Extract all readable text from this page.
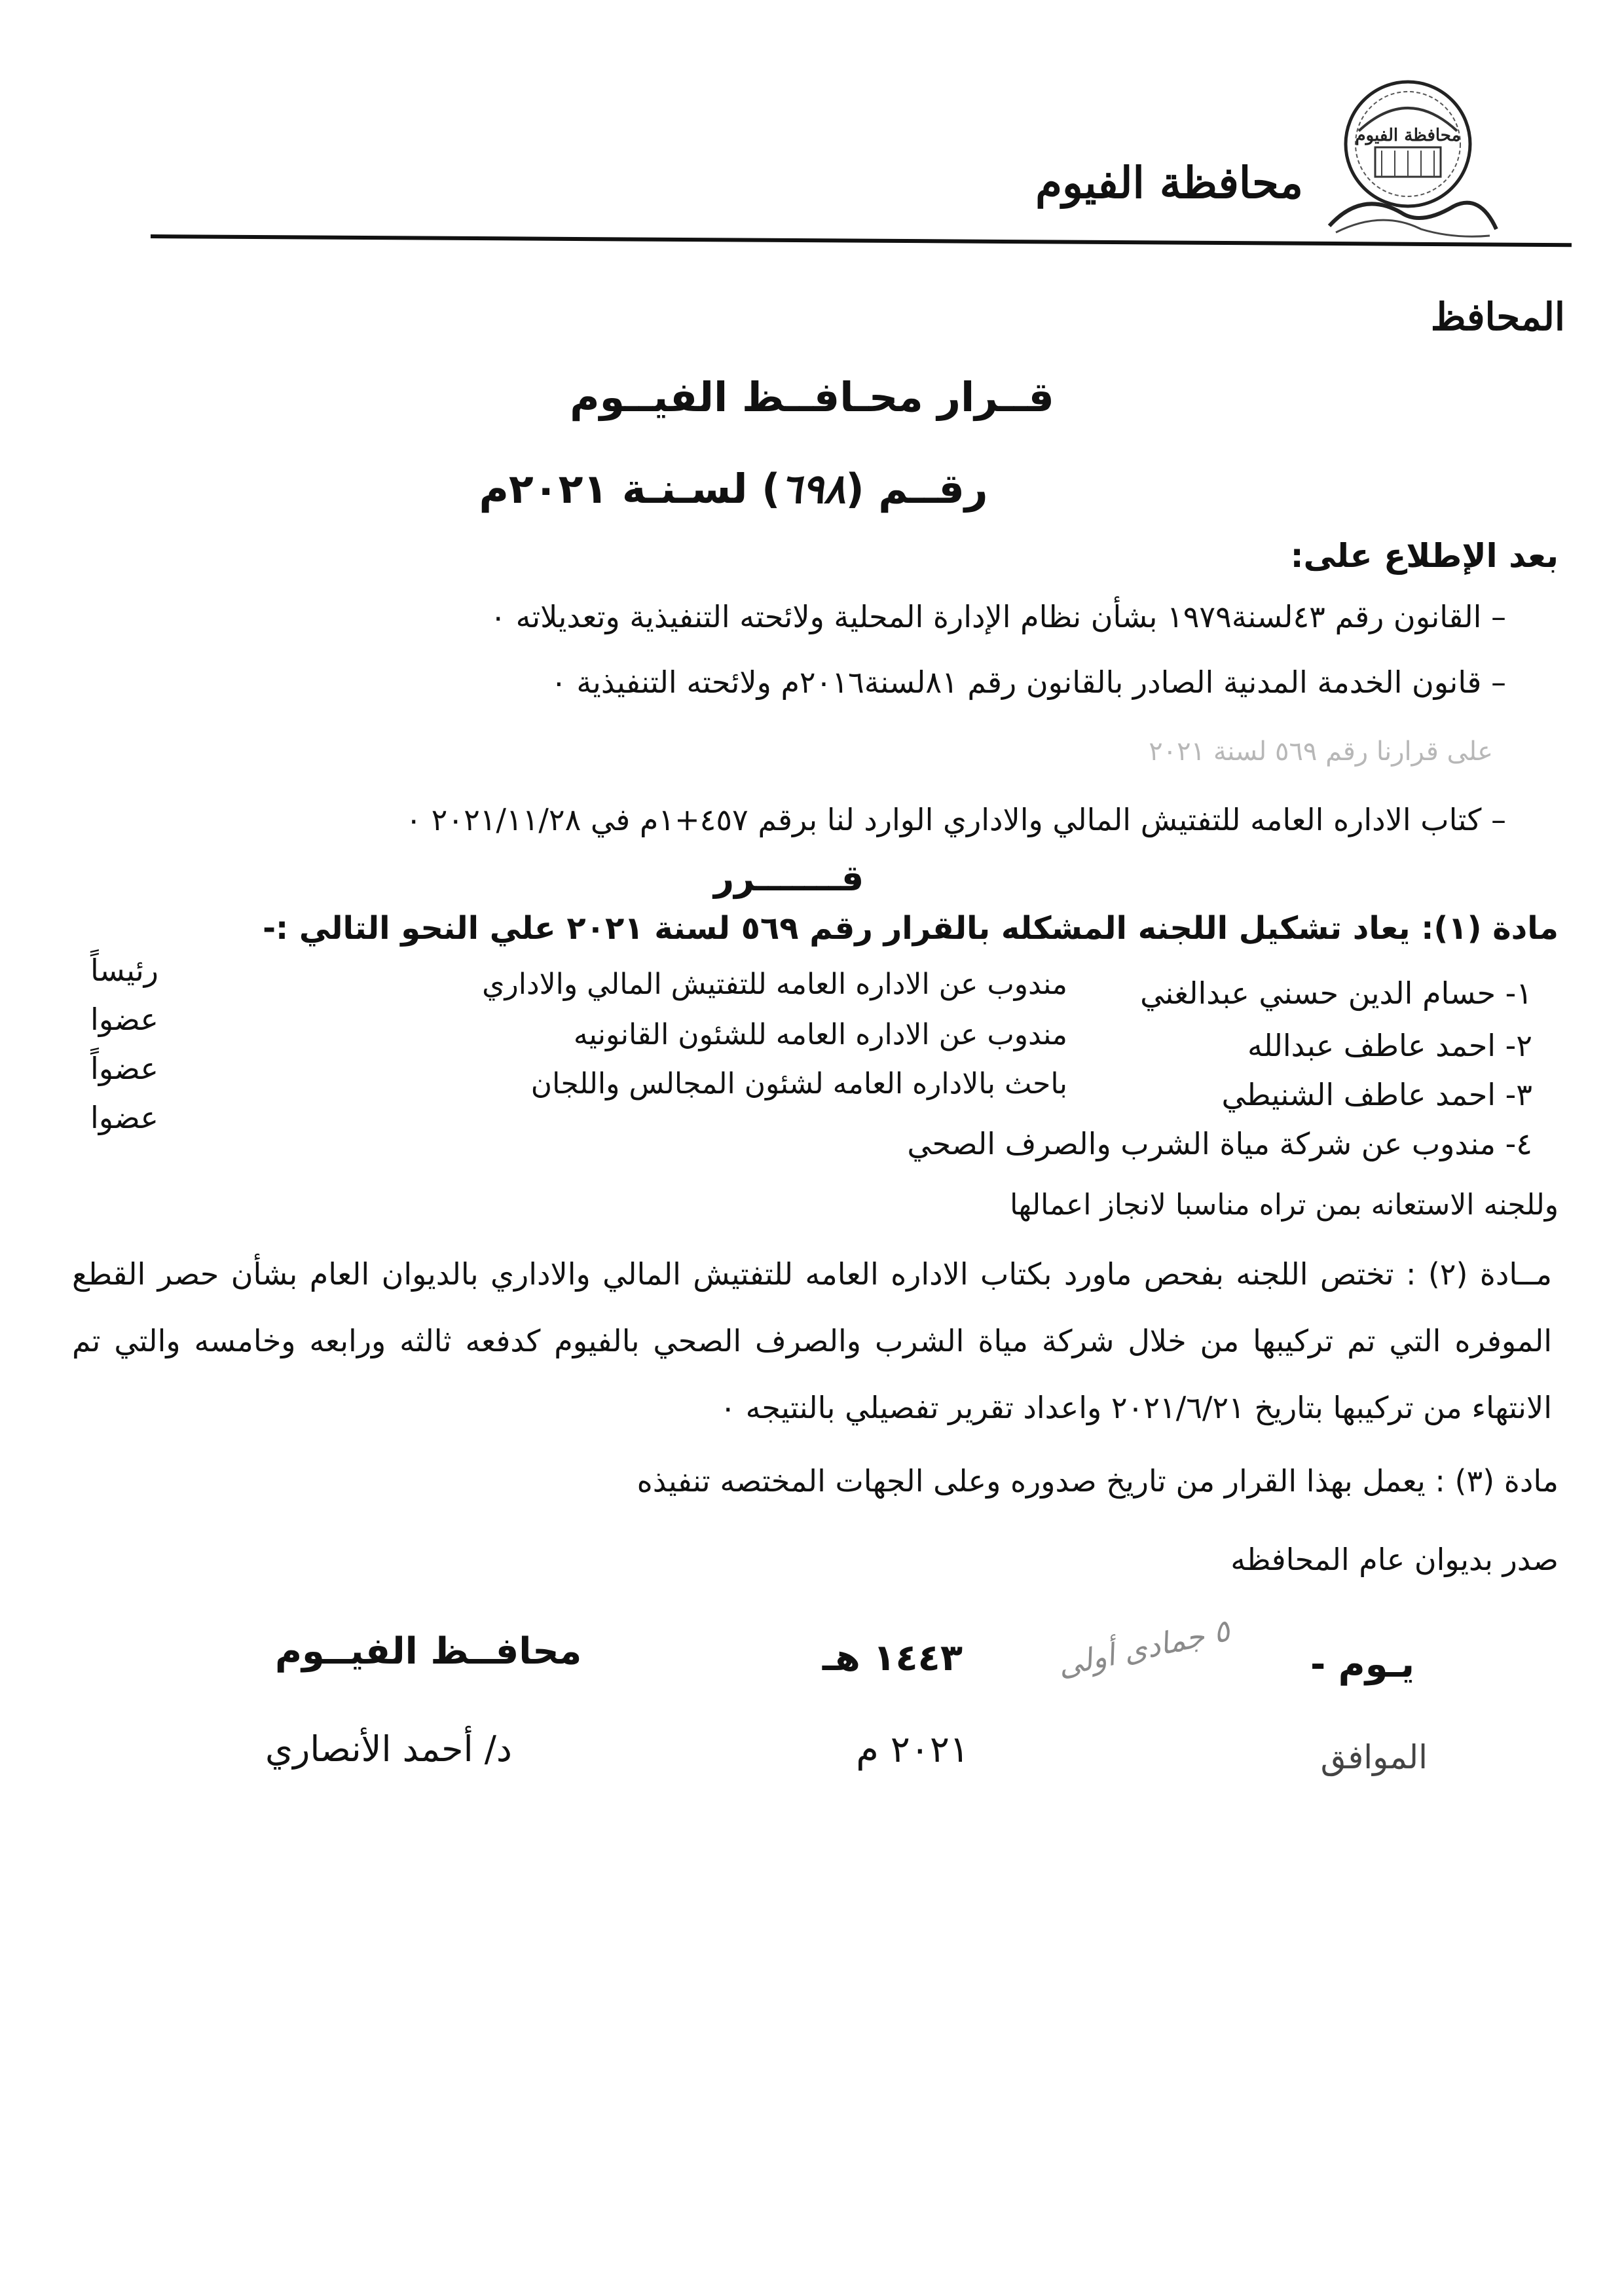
محافظة الفيوم
محافظة الفيوم
المحافظ
قــرار محـافــظ الفيــوم
رقــم (٦٩٨) لسـنـة ٢٠٢١م
بعد الإطلاع على:
– القانون رقم ٤٣لسنة١٩٧٩ بشأن نظام الإدارة المحلية ولائحته التنفيذية وتعديلاته ٠
– قانون الخدمة المدنية الصادر بالقانون رقم ٨١لسنة٢٠١٦م ولائحته التنفيذية ٠
على قرارنا رقم ٥٦٩ لسنة ٢٠٢١
– كتاب الاداره العامه للتفتيش المالي والاداري الوارد لنا برقم ٤٥٧+١م في ٢٠٢١/١١/٢٨ ٠
قـــــــرر
مادة (١): يعاد تشكيل اللجنه المشكله بالقرار رقم ٥٦٩ لسنة ٢٠٢١ علي النحو التالي :-
١- حسام الدين حسني عبدالغني
مندوب عن الاداره العامه للتفتيش المالي والاداري
رئيساً
٢- احمد عاطف عبدالله
مندوب عن الاداره العامه للشئون القانونيه
عضوا
٣- احمد عاطف الشنيطي
باحث بالاداره العامه لشئون المجالس واللجان
عضواً
٤- مندوب عن شركة مياة الشرب والصرف الصحي
عضوا
وللجنه الاستعانه بمن تراه مناسبا لانجاز اعمالها
مــادة (٢) : تختص اللجنه بفحص ماورد بكتاب الاداره العامه للتفتيش المالي والاداري بالديوان العام بشأن حصر القطع الموفره التي تم تركيبها من خلال شركة مياة الشرب والصرف الصحي بالفيوم كدفعه ثالثه ورابعه وخامسه والتي تم الانتهاء من تركيبها بتاريخ ٢٠٢١/٦/٢١ واعداد تقرير تفصيلي بالنتيجه ٠
مادة (٣) : يعمل بهذا القرار من تاريخ صدوره وعلى الجهات المختصه تنفيذه
صدر بديوان عام المحافظه
يـوم -
٥ جمادى أولى
١٤٤٣ هـ
الموافق
٢٠٢١ م
محافــظ الفيــوم
د/ أحمد الأنصاري
